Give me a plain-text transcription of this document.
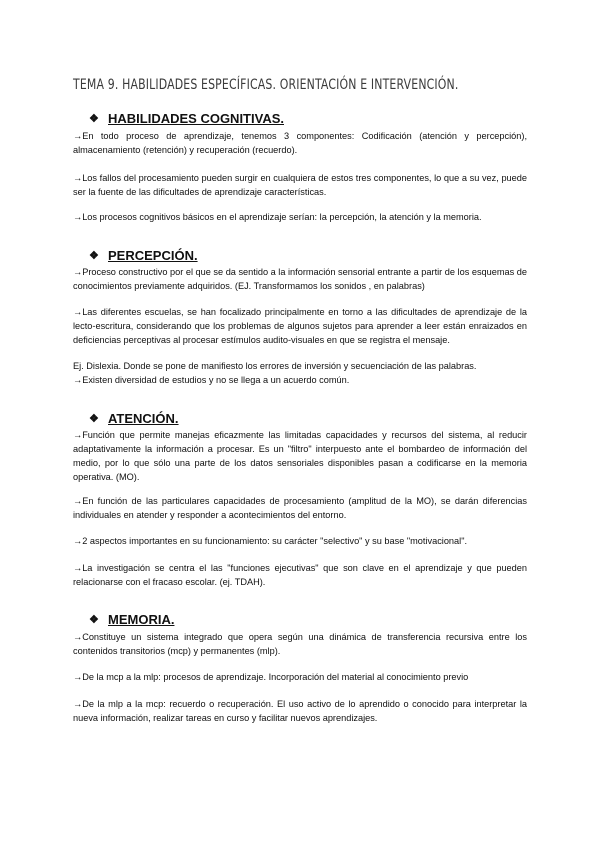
TEMA 9. HABILIDADES ESPECÍFICAS. ORIENTACIÓN E INTERVENCIÓN.
❖ HABILIDADES COGNITIVAS.

→En todo proceso de aprendizaje, tenemos 3 componentes: Codificación (atención y percepción), almacenamiento (retención) y recuperación (recuerdo).

→Los fallos del procesamiento pueden surgir en cualquiera de estos tres componentes, lo que a su vez, puede ser la fuente de las dificultades de aprendizaje características.

→Los procesos cognitivos básicos en el aprendizaje serían: la percepción, la atención y la memoria.

❖ PERCEPCIÓN.

→Proceso constructivo por el que se da sentido a la información sensorial entrante a partir de los esquemas de conocimientos previamente adquiridos. (EJ. Transformamos los sonidos , en palabras)

→Las diferentes escuelas, se han focalizado principalmente en torno a las dificultades de aprendizaje de la lecto-escritura, considerando que los problemas de algunos sujetos para aprender a leer están enraizados en deficiencias perceptivas al procesar estímulos audito-visuales en que se registra el mensaje.

Ej. Dislexia. Donde se pone de manifiesto los errores de inversión y secuenciación de las palabras.

→Existen diversidad de estudios y no se llega a un acuerdo común.

❖ ATENCIÓN.

→Función que permite manejas eficazmente las limitadas capacidades y recursos del sistema, al reducir adaptativamente la información a procesar. Es un "filtro" interpuesto ante el bombardeo de información del medio, por lo que sólo una parte de los datos sensoriales disponibles pasan a codificarse en la memoria operativa. (MO).

→En función de las particulares capacidades de procesamiento (amplitud de la MO), se darán diferencias individuales en atender y responder a acontecimientos del entorno.

→2 aspectos importantes en su funcionamiento: su carácter "selectivo" y su base "motivacional".

→La investigación se centra el las "funciones ejecutivas" que son clave en el aprendizaje y que pueden relacionarse con el fracaso escolar. (ej. TDAH).

❖ MEMORIA.

→Constituye un sistema integrado que opera según una dinámica de transferencia recursiva entre los contenidos transitorios (mcp) y permanentes (mlp).

→De la mcp a la mlp: procesos de aprendizaje. Incorporación del material al conocimiento previo

→De la mlp a la mcp: recuerdo o recuperación. El uso activo de lo aprendido o conocido para interpretar la nueva información, realizar tareas en curso y facilitar nuevos aprendizajes.
